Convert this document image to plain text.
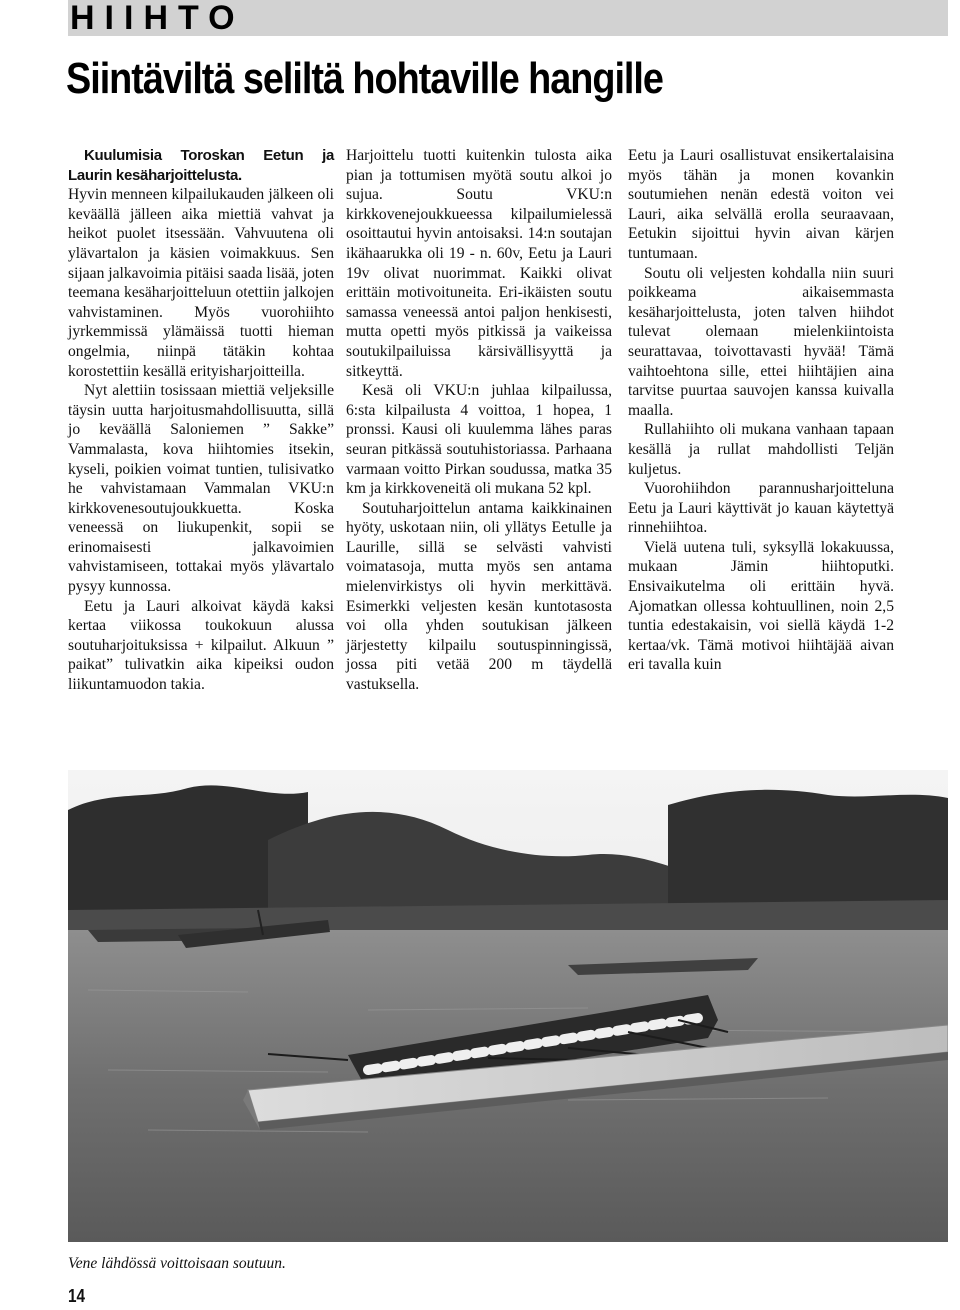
HIIHTO
Siintäviltä seliltä hohtaville hangille

Kuulumisia Toroskan Eetun ja Laurin kesäharjoittelusta.

Hyvin menneen kilpailukauden jälkeen oli keväällä jälleen aika miettiä vahvat ja heikot puolet itsessään. Vahvuutena oli ylävartalon ja käsien voimakkuus. Sen sijaan jalkavoimia pitäisi saada lisää, joten teemana kesäharjoitteluun otettiin jalkojen vahvistaminen. Myös vuorohiihto jyrkemmissä ylämäissä tuotti hieman ongelmia, niinpä tätäkin kohtaa korostettiin kesällä erityisharjoitteilla.

Nyt alettiin tosissaan miettiä veljeksille täysin uutta harjoitusmahdollisuutta, sillä jo keväällä Saloniemen ” Sakke” Vammalasta, kova hiihtomies itsekin, kyseli, poikien voimat tuntien, tulisivatko he vahvistamaan Vammalan VKU:n kirkkovenesoutujoukkuetta. Koska veneessä on liukupenkit, sopii se erinomaisesti jalkavoimien vahvistamiseen, tottakai myös ylävartalo pysyy kunnossa.

Eetu ja Lauri alkoivat käydä kaksi kertaa viikossa toukokuun alussa soutuharjoituksissa + kilpailut. Alkuun ” paikat” tulivatkin aika kipeiksi oudon liikuntamuodon takia.

Harjoittelu tuotti kuitenkin tulosta aika pian ja tottumisen myötä soutu alkoi jo sujua. Soutu VKU:n kirkkovenejoukkueessa kilpailumielessä osoittautui hyvin antoisaksi. 14:n soutajan ikähaarukka oli 19 - n. 60v, Eetu ja Lauri 19v olivat nuorimmat. Kaikki olivat erittäin motivoituneita. Eri-ikäisten soutu samassa veneessä antoi paljon henkisesti, mutta opetti myös pitkissä ja vaikeissa soutukilpailuissa kärsivällisyyttä ja sitkeyttä.

Kesä oli VKU:n juhlaa kilpailussa, 6:sta kilpailusta 4 voittoa, 1 hopea, 1 pronssi. Kausi oli kuulemma lähes paras seuran pitkässä soutuhistoriassa. Parhaana varmaan voitto Pirkan soudussa, matka 35 km ja kirkkoveneitä oli mukana 52 kpl.

Soutuharjoittelun antama kaikkinainen hyöty, uskotaan niin, oli yllätys Eetulle ja Laurille, sillä se selvästi vahvisti voimatasoja, mutta myös sen antama mielenvirkistys oli hyvin merkittävä. Esimerkki veljesten kesän kuntotasosta voi olla yhden soutukisan jälkeen järjestetty kilpailu soutuspinningissä, jossa piti vetää 200 m täydellä vastuksella.

Eetu ja Lauri osallistuvat ensikertalaisina myös tähän ja monen kovankin soutumiehen nenän edestä voiton vei Lauri, aika selvällä erolla seuraavaan, Eetukin sijoittui hyvin aivan kärjen tuntumaan.

Soutu oli veljesten kohdalla niin suuri poikkeama aikaisemmasta kesäharjoittelusta, joten talven hiihdot tulevat olemaan mielenkiintoista seurattavaa, toivottavasti hyvää! Tämä vaihtoehtona sille, ettei hiihtäjien aina tarvitse puurtaa sauvojen kanssa kuivalla maalla.

Rullahiihto oli mukana vanhaan tapaan kesällä ja rullat mahdollisti Teljän kuljetus.

Vuorohiihdon parannusharjoitteluna Eetu ja Lauri käyttivät jo kauan käytettyä rinnehiihtoa.

Vielä uutena tuli, syksyllä lokakuussa, mukaan Jämin hiihtoputki. Ensivaikutelma oli erittäin hyvä. Ajomatkan ollessa kohtuullinen, noin 2,5 tuntia edestakaisin, voi siellä käydä 1-2 kertaa/vk. Tämä motivoi hiihtäjää aivan eri tavalla kuin

Vene lähdössä voittoisaan soutuun.

14
